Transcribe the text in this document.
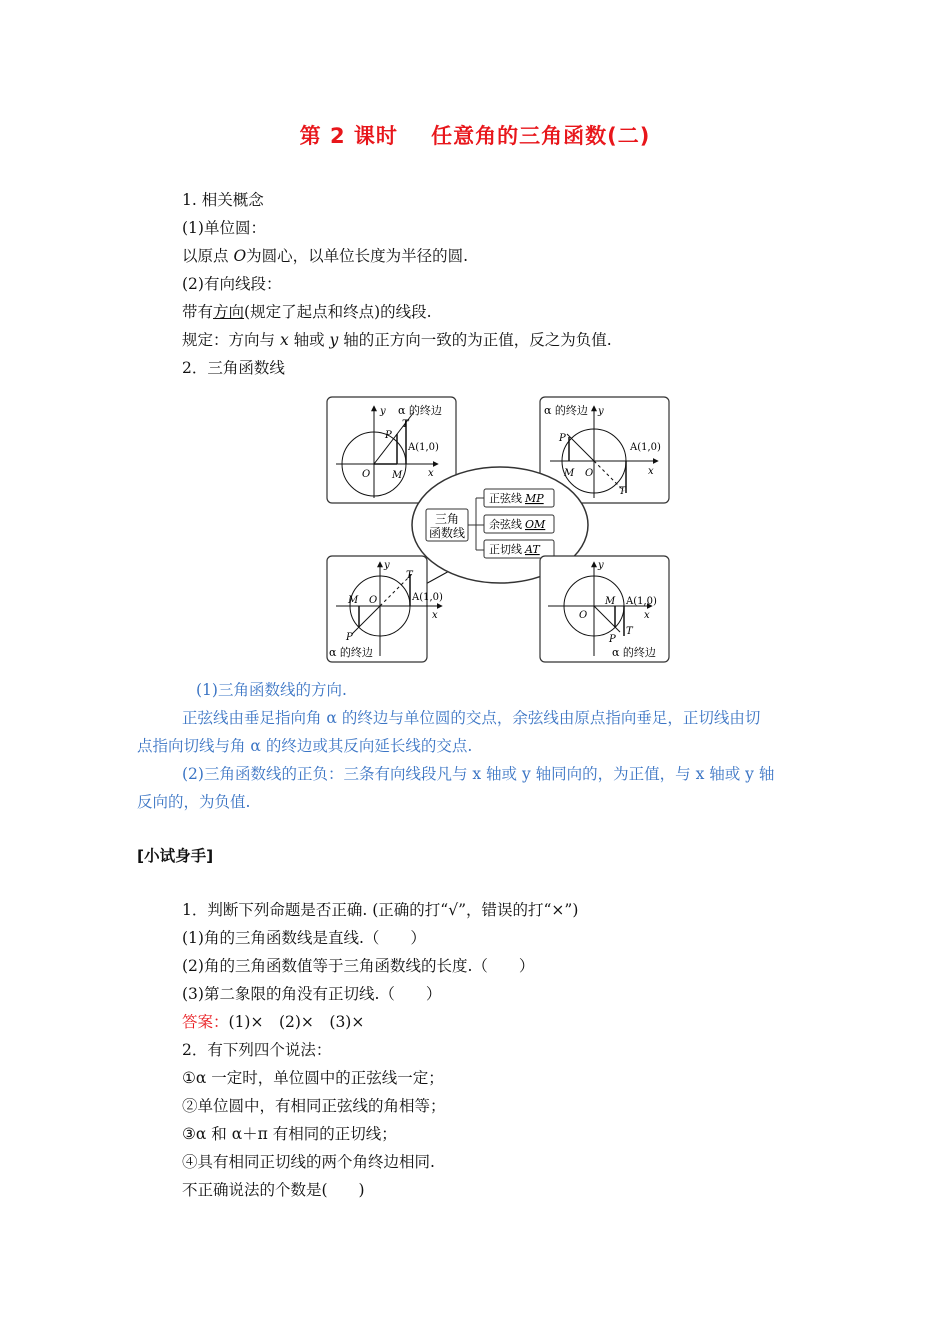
第 2 课时    任意角的三角函数(二)
1. 相关概念
(1)单位圆：
以原点 O为圆心，以单位长度为半径的圆.
(2)有向线段：
带有方向(规定了起点和终点)的线段.
规定：方向与 x 轴或 y 轴的正方向一致的为正值，反之为负值.
2．三角函数线
y α 的终边
T
P
A(1,0)
O M	x
α 的终边 y
P
A(1,0)
M O	x
T
三角
函数线
正弦线 MP
余弦线 OM
正切线 AT
y
T
A(1,0)
M O
x
P
α 的终边
y
M A(1,0)
O	x
T
P
α 的终边
(1)三角函数线的方向.
正弦线由垂足指向角 α 的终边与单位圆的交点，余弦线由原点指向垂足，正切线由切
点指向切线与角 α 的终边或其反向延长线的交点.
(2)三角函数线的正负：三条有向线段凡与 x 轴或 y 轴同向的，为正值，与 x 轴或 y 轴
反向的，为负值.
[小试身手]
1．判断下列命题是否正确. (正确的打“√”，错误的打“×”)
(1)角的三角函数线是直线.（　　）
(2)角的三角函数值等于三角函数线的长度.（　　）
(3)第二象限的角没有正切线.（　　）
答案：(1)×　(2)×　(3)×
2．有下列四个说法：
①α 一定时，单位圆中的正弦线一定；
②单位圆中，有相同正弦线的角相等；
③α 和 α＋π 有相同的正切线；
④具有相同正切线的两个角终边相同.
不正确说法的个数是(　　)
